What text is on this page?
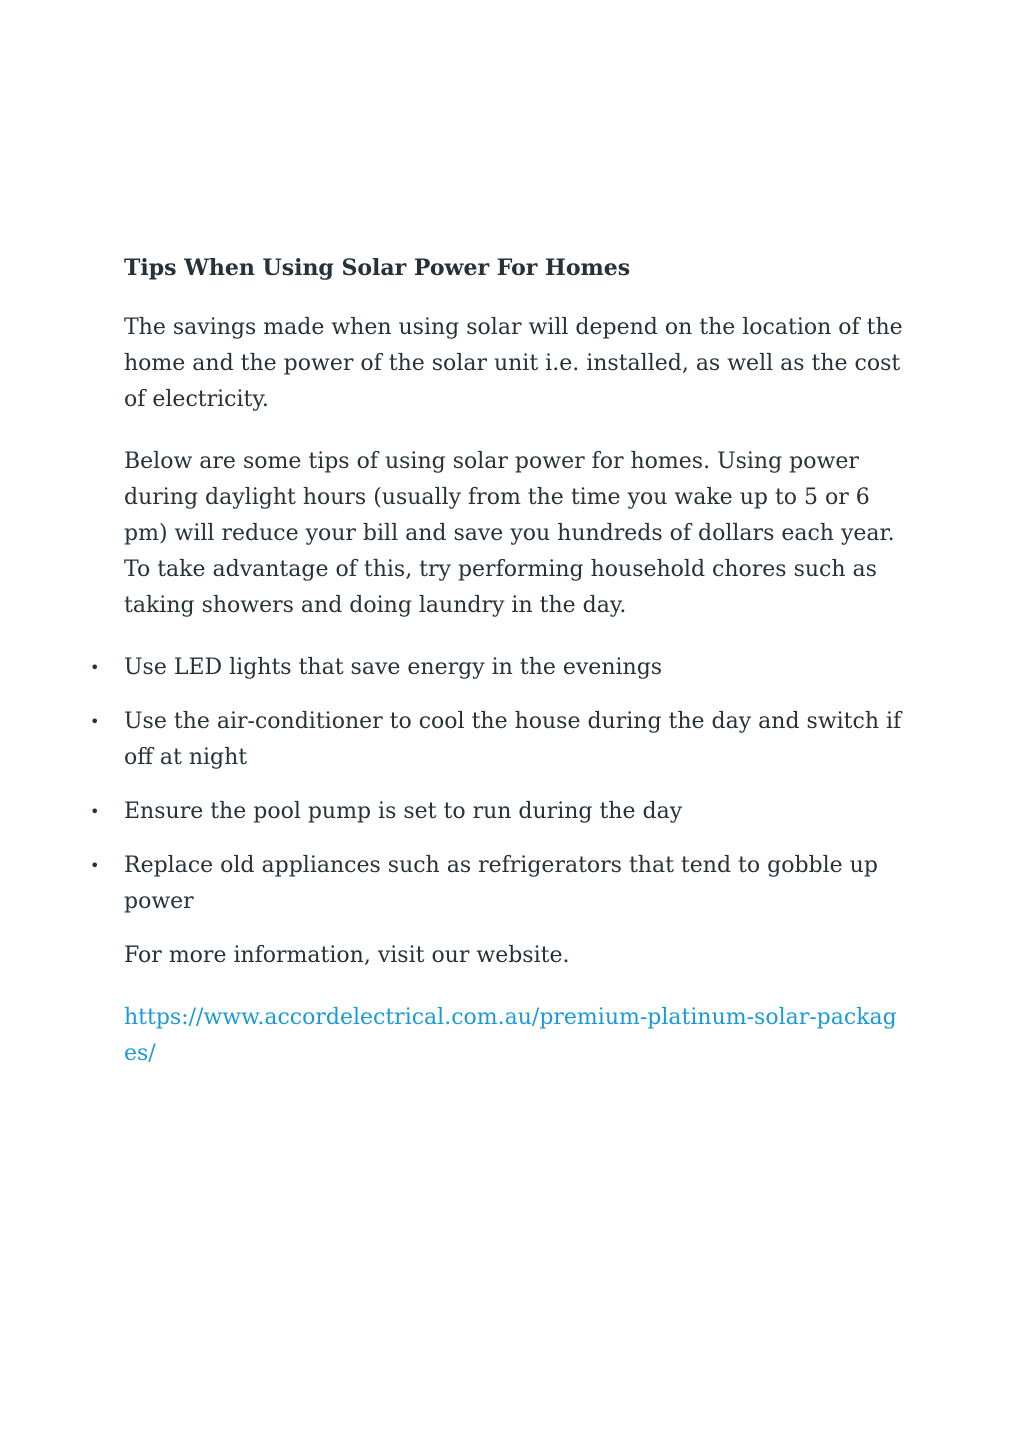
Tips When Using Solar Power For Homes

The savings made when using solar will depend on the location of the home and the power of the solar unit i.e. installed, as well as the cost of electricity.

Below are some tips of using solar power for homes. Using power during daylight hours (usually from the time you wake up to 5 or 6 pm) will reduce your bill and save you hundreds of dollars each year. To take advantage of this, try performing household chores such as taking showers and doing laundry in the day.

• Use LED lights that save energy in the evenings
• Use the air-conditioner to cool the house during the day and switch if off at night
• Ensure the pool pump is set to run during the day
• Replace old appliances such as refrigerators that tend to gobble up power

For more information, visit our website.

https://www.accordelectrical.com.au/premium-platinum-solar-packages/
